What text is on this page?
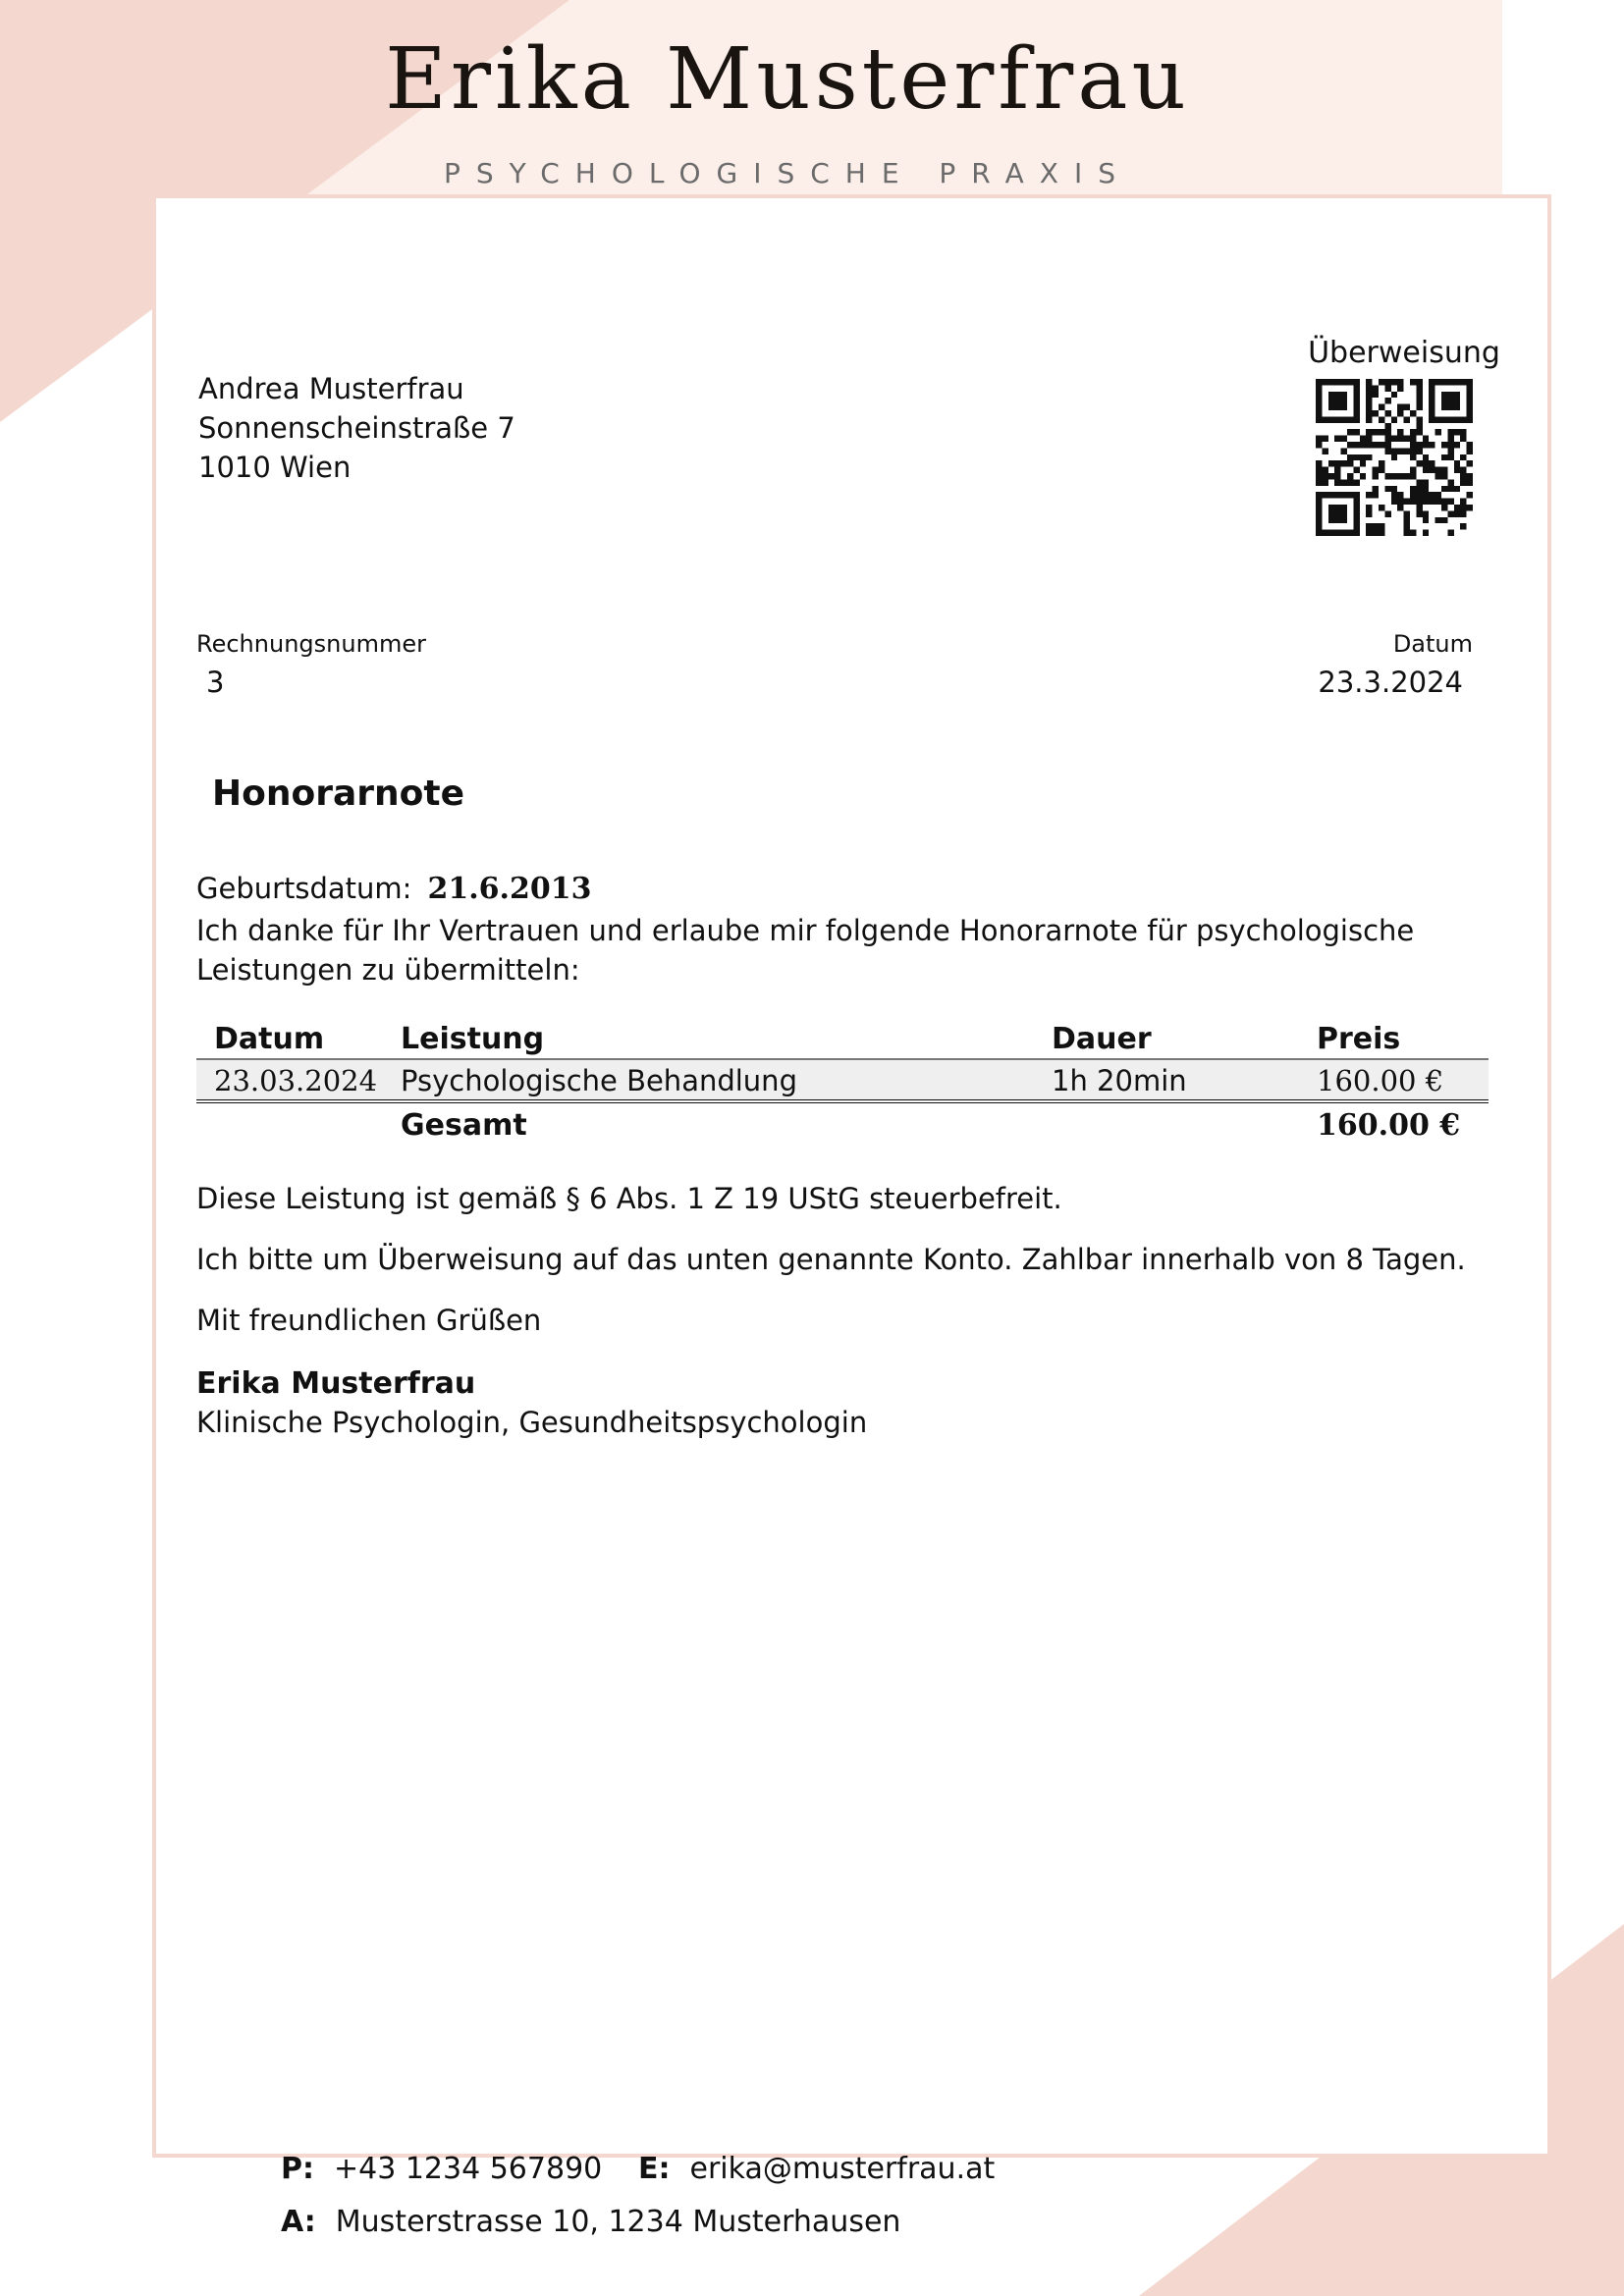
Erika Musterfrau
PSYCHOLOGISCHE PRAXIS
Andrea Musterfrau
Sonnenscheinstraße 7
1010 Wien
Überweisung
Rechnungsnummer
3
Datum
23.3.2024
Honorarnote
Geburtsdatum: 21.6.2013
Ich danke für Ihr Vertrauen und erlaube mir folgende Honorarnote für psychologische Leistungen zu übermitteln:
Datum	Leistung	Dauer	Preis
23.03.2024	Psychologische Behandlung	1h 20min	160.00 €
	Gesamt		160.00 €
Diese Leistung ist gemäß § 6 Abs. 1 Z 19 UStG steuerbefreit.
Ich bitte um Überweisung auf das unten genannte Konto. Zahlbar innerhalb von 8 Tagen.
Mit freundlichen Grüßen
Erika Musterfrau
Klinische Psychologin, Gesundheitspsychologin
P: +43 1234 567890 E: erika@musterfrau.at
A: Musterstrasse 10, 1234 Musterhausen
